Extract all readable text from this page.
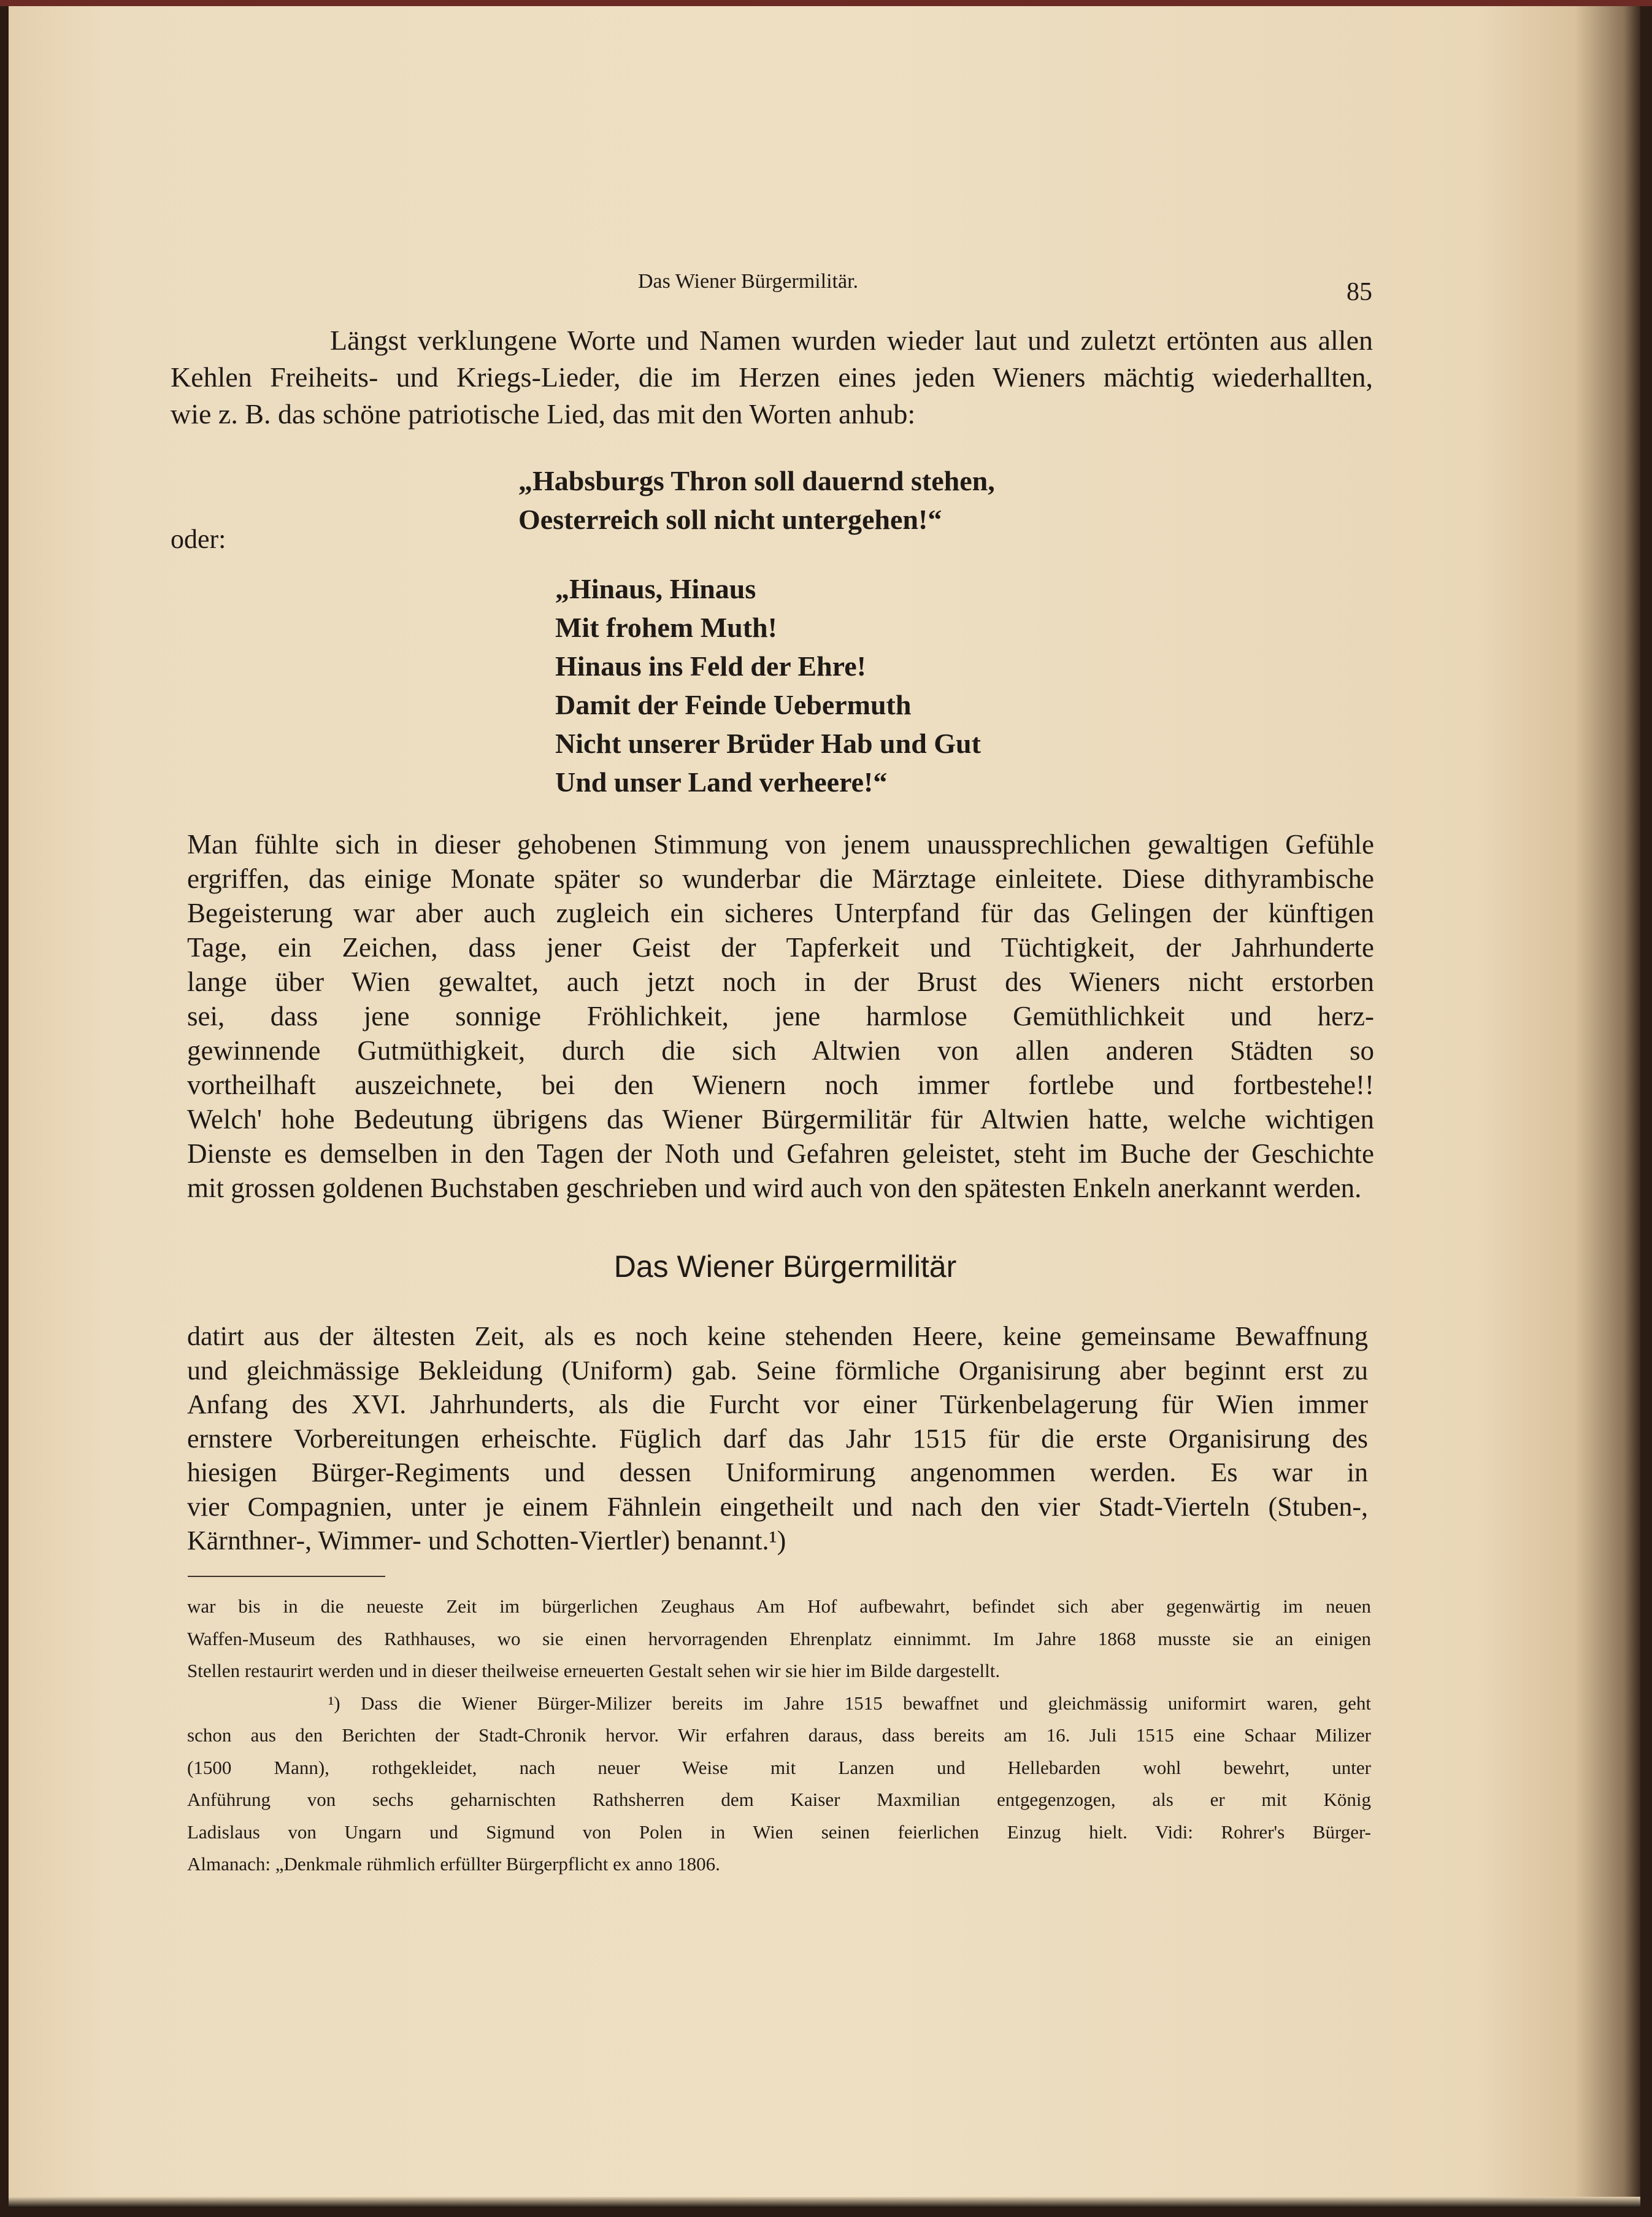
Das Wiener Bürgermilitär.	85
Längst verklungene Worte und Namen wurden wieder laut und zuletzt ertönten aus allen
Kehlen Freiheits- und Kriegs-Lieder, die im Herzen eines jeden Wieners mächtig wiederhallten,
wie z. B. das schöne patriotische Lied, das mit den Worten anhub:
„Habsburgs Thron soll dauernd stehen,
Oesterreich soll nicht untergehen!“
oder:
„Hinaus, Hinaus
Mit frohem Muth!
Hinaus ins Feld der Ehre!
Damit der Feinde Uebermuth
Nicht unserer Brüder Hab und Gut
Und unser Land verheere!“
Man fühlte sich in dieser gehobenen Stimmung von jenem unaussprechlichen gewaltigen Gefühle
ergriffen, das einige Monate später so wunderbar die Märztage einleitete. Diese dithyrambische
Begeisterung war aber auch zugleich ein sicheres Unterpfand für das Gelingen der künftigen
Tage, ein Zeichen, dass jener Geist der Tapferkeit und Tüchtigkeit, der Jahrhunderte
lange über Wien gewaltet, auch jetzt noch in der Brust des Wieners nicht erstorben
sei, dass jene sonnige Fröhlichkeit, jene harmlose Gemüthlichkeit und herz-
gewinnende Gutmüthigkeit, durch die sich Altwien von allen anderen Städten so
vortheilhaft auszeichnete, bei den Wienern noch immer fortlebe und fortbestehe!!
Welch' hohe Bedeutung übrigens das Wiener Bürgermilitär für Altwien hatte, welche wichtigen
Dienste es demselben in den Tagen der Noth und Gefahren geleistet, steht im Buche der Geschichte
mit grossen goldenen Buchstaben geschrieben und wird auch von den spätesten Enkeln anerkannt werden.
Das Wiener Bürgermilitär
datirt aus der ältesten Zeit, als es noch keine stehenden Heere, keine gemeinsame Bewaffnung
und gleichmässige Bekleidung (Uniform) gab. Seine förmliche Organisirung aber beginnt erst zu
Anfang des XVI. Jahrhunderts, als die Furcht vor einer Türkenbelagerung für Wien immer
ernstere Vorbereitungen erheischte. Füglich darf das Jahr 1515 für die erste Organisirung des
hiesigen Bürger-Regiments und dessen Uniformirung angenommen werden. Es war in
vier Compagnien, unter je einem Fähnlein eingetheilt und nach den vier Stadt-Vierteln (Stuben-,
Kärnthner-, Wimmer- und Schotten-Viertler) benannt.¹)
war bis in die neueste Zeit im bürgerlichen Zeughaus Am Hof aufbewahrt, befindet sich aber gegenwärtig im neuen
Waffen-Museum des Rathhauses, wo sie einen hervorragenden Ehrenplatz einnimmt. Im Jahre 1868 musste sie an einigen
Stellen restaurirt werden und in dieser theilweise erneuerten Gestalt sehen wir sie hier im Bilde dargestellt.
¹) Dass die Wiener Bürger-Milizer bereits im Jahre 1515 bewaffnet und gleichmässig uniformirt waren, geht
schon aus den Berichten der Stadt-Chronik hervor. Wir erfahren daraus, dass bereits am 16. Juli 1515 eine Schaar Milizer
(1500 Mann), rothgekleidet, nach neuer Weise mit Lanzen und Hellebarden wohl bewehrt, unter
Anführung von sechs geharnischten Rathsherren dem Kaiser Maxmilian entgegenzogen, als er mit König
Ladislaus von Ungarn und Sigmund von Polen in Wien seinen feierlichen Einzug hielt. Vidi: Rohrer's Bürger-
Almanach: „Denkmale rühmlich erfüllter Bürgerpflicht ex anno 1806.
